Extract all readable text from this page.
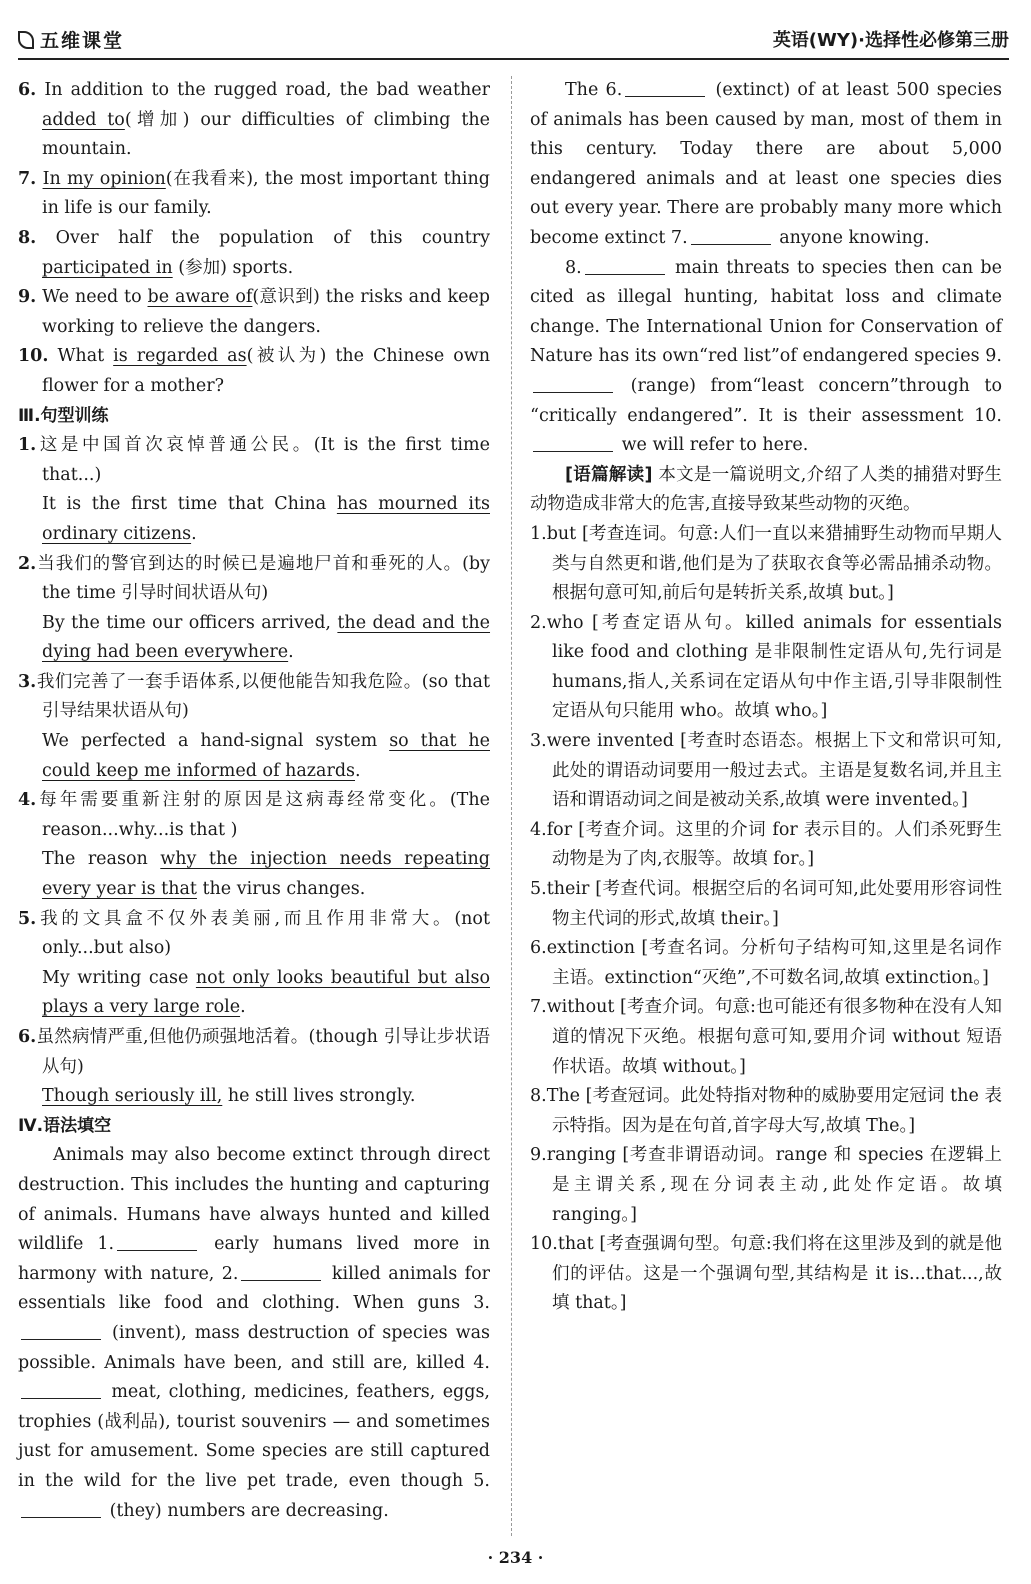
五维课堂	英语(WY)·选择性必修第三册

6. In addition to the rugged road, the bad weather added to(增加) our difficulties of climbing the mountain.

7. In my opinion(在我看来), the most important thing in life is our family.

8. Over half the population of this country participated in (参加) sports.

9. We need to be aware of(意识到) the risks and keep working to relieve the dangers.

10. What is regarded as(被认为) the Chinese own flower for a mother?

Ⅲ.句型训练

1.这是中国首次哀悼普通公民。(It is the first time that...)

It is the first time that China has mourned its ordinary citizens.

2.当我们的警官到达的时候已是遍地尸首和垂死的人。(by the time 引导时间状语从句)

By the time our officers arrived, the dead and the dying had been everywhere.

3.我们完善了一套手语体系,以便他能告知我危险。(so that 引导结果状语从句)

We perfected a hand-signal system so that he could keep me informed of hazards.

4.每年需要重新注射的原因是这病毒经常变化。(The reason...why...is that )

The reason why the injection needs repeating every year is that the virus changes.

5.我的文具盒不仅外表美丽,而且作用非常大。(not only...but also)

My writing case not only looks beautiful but also plays a very large role.

6.虽然病情严重,但他仍顽强地活着。(though 引导让步状语从句)

Though seriously ill, he still lives strongly.

Ⅳ.语法填空

Animals may also become extinct through direct destruction. This includes the hunting and capturing of animals. Humans have always hunted and killed wildlife 1.	early humans lived more in harmony with nature, 2.	killed animals for essentials like food and clothing. When guns 3. (invent), mass destruction of species was possible. Animals have been, and still are, killed 4. meat, clothing, medicines, feathers, eggs, trophies (战利品), tourist souvenirs — and sometimes just for amusement. Some species are still captured in the wild for the live pet trade, even though 5. (they) numbers are decreasing.

The 6.	(extinct) of at least 500 species of animals has been caused by man, most of them in this century. Today there are about 5,000 endangered animals and at least one species dies out every year. There are probably many more which become extinct 7.	anyone knowing.

8.	main threats to species then can be cited as illegal hunting, habitat loss and climate change. The International Union for Conservation of Nature has its own“red list”of endangered species 9. (range) from“least concern”through to “critically endangered”. It is their assessment 10. we will refer to here.

[语篇解读] 本文是一篇说明文,介绍了人类的捕猎对野生动物造成非常大的危害,直接导致某些动物的灭绝。

1.but [考查连词。句意:人们一直以来猎捕野生动物而早期人类与自然更和谐,他们是为了获取衣食等必需品捕杀动物。根据句意可知,前后句是转折关系,故填 but。]

2.who [考查定语从句。killed animals for essentials like food and clothing 是非限制性定语从句,先行词是 humans,指人,关系词在定语从句中作主语,引导非限制性定语从句只能用 who。故填 who。]

3.were invented [考查时态语态。根据上下文和常识可知,此处的谓语动词要用一般过去式。主语是复数名词,并且主语和谓语动词之间是被动关系,故填 were invented。]

4.for [考查介词。这里的介词 for 表示目的。人们杀死野生动物是为了肉,衣服等。故填 for。]

5.their [考查代词。根据空后的名词可知,此处要用形容词性物主代词的形式,故填 their。]

6.extinction [考查名词。分析句子结构可知,这里是名词作主语。extinction“灭绝”,不可数名词,故填 extinction。]

7.without [考查介词。句意:也可能还有很多物种在没有人知道的情况下灭绝。根据句意可知,要用介词 without 短语作状语。故填 without。]

8.The [考查冠词。此处特指对物种的威胁要用定冠词 the 表示特指。因为是在句首,首字母大写,故填 The。]

9.ranging [考查非谓语动词。range 和 species 在逻辑上是主谓关系,现在分词表主动,此处作定语。故填 ranging。]

10.that [考查强调句型。句意:我们将在这里涉及到的就是他们的评估。这是一个强调句型,其结构是 it is...that...,故填 that。]

· 234 ·
